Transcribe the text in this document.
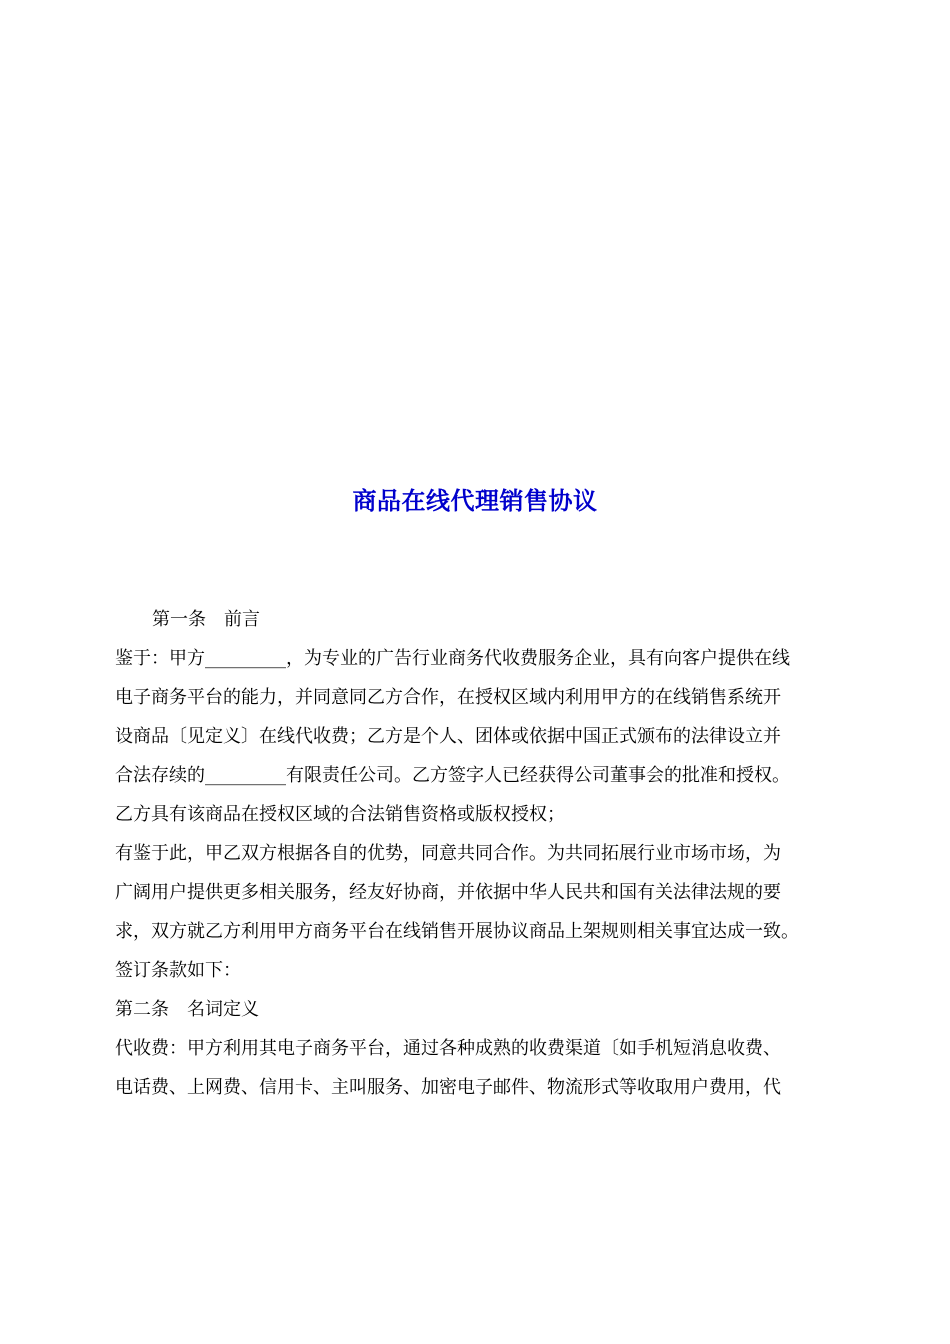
商品在线代理销售协议
第一条　前言
鉴于：甲方_________，为专业的广告行业商务代收费服务企业，具有向客户提供在线
电子商务平台的能力，并同意同乙方合作，在授权区域内利用甲方的在线销售系统开
设商品〔见定义〕在线代收费；乙方是个人、团体或依据中国正式颁布的法律设立并
合法存续的_________有限责任公司。乙方签字人已经获得公司董事会的批准和授权。
乙方具有该商品在授权区域的合法销售资格或版权授权；
有鉴于此，甲乙双方根据各自的优势，同意共同合作。为共同拓展行业市场市场，为
广阔用户提供更多相关服务，经友好协商，并依据中华人民共和国有关法律法规的要
求，双方就乙方利用甲方商务平台在线销售开展协议商品上架规则相关事宜达成一致。
签订条款如下：
第二条　名词定义
代收费：甲方利用其电子商务平台，通过各种成熟的收费渠道〔如手机短消息收费、
电话费、上网费、信用卡、主叫服务、加密电子邮件、物流形式等收取用户费用，代
